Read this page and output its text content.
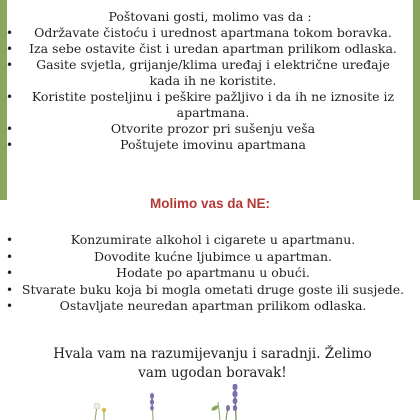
Poštovani gosti, molimo vas da :
•	Održavate čistoću i urednost apartmana tokom boravka.
•	Iza sebe ostavite čist i uredan apartman prilikom odlaska.
•	Gasite svjetla, grijanje/klima uređaj i električne uređaje kada ih ne koristite.
•	Koristite posteljinu i peškire pažljivo i da ih ne iznosite iz apartmana.
•	Otvorite prozor pri sušenju veša
•	Poštujete imovinu apartmana
Molimo vas da NE:
•	Konzumirate alkohol i cigarete u apartmanu.
•	Dovodite kućne ljubimce u apartman.
•	Hodate po apartmanu u obući.
• Stvarate buku koja bi mogla ometati druge goste ili susjede.
•	Ostavljate neuredan apartman prilikom odlaska.
Hvala vam na razumijevanju i saradnji. Želimo vam ugodan boravak!
